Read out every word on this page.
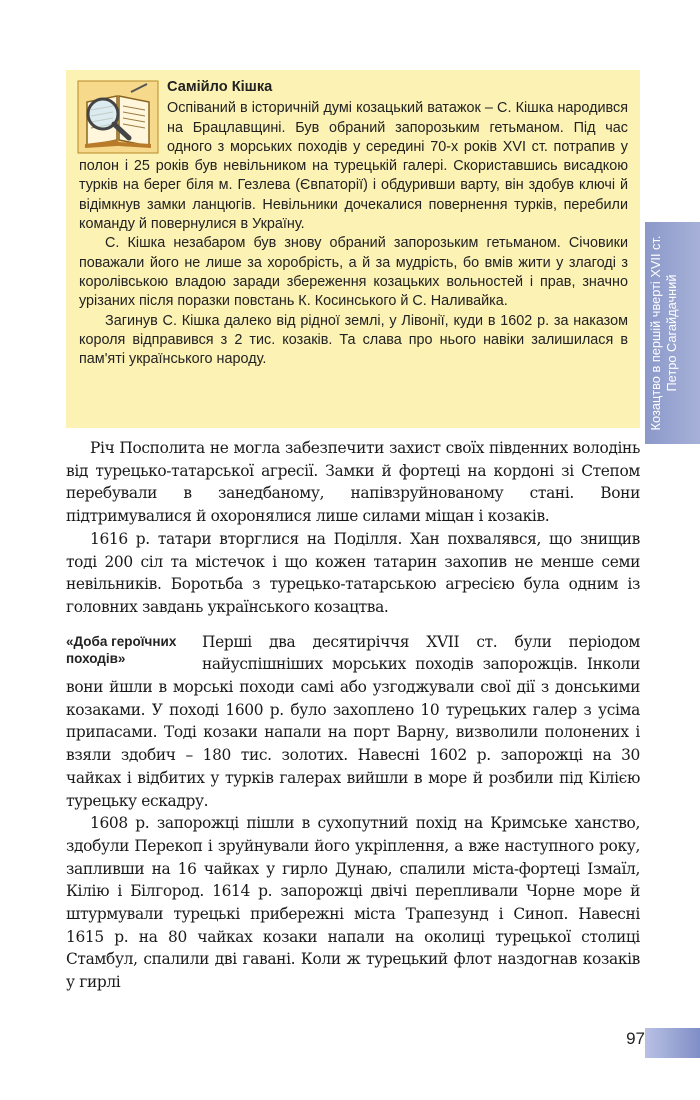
Самійло Кішка

Оспіваний в історичній думі козацький ватажок – С. Кішка народився на Брацлавщині. Був обраний запорозьким гетьманом. Під час одного з морських походів у середині 70-х років XVI ст. потрапив у полон і 25 років був невільником на турецькій галері. Скориставшись висадкою турків на берег біля м. Гезлева (Євпаторії) і обдуривши варту, він здобув ключі й відімкнув замки ланцюгів. Невільники дочекалися повернення турків, перебили команду й повернулися в Україну.

С. Кішка незабаром був знову обраний запорозьким гетьманом. Січовики поважали його не лише за хоробрість, а й за мудрість, бо вмів жити у злагоді з королівською владою заради збереження козацьких вольностей і прав, значно урізаних після поразки повстань К. Косинського й С. Наливайка.

Загинув С. Кішка далеко від рідної землі, у Лівонії, куди в 1602 р. за наказом короля відправився з 2 тис. козаків. Та слава про нього навіки залишилася в пам'яті українського народу.	Козацтво в першій чверті XVII ст. Петро Сагайдачний

Річ Посполита не могла забезпечити захист своїх південних володінь від турецько-татарської агресії. Замки й фортеці на кордоні зі Степом перебували в занедбаному, напівзруйнованому стані. Вони підтримувалися й охоронялися лише силами міщан і козаків.

1616 р. татари вторглися на Поділля. Хан похвалявся, що знищив тоді 200 сіл та містечок і що кожен татарин захопив не менше семи невільників. Боротьба з турецько-татарською агресією була одним із головних завдань українського козацтва.

«Доба героїчних походів»

Перші два десятиріччя XVII ст. були періодом найуспішніших морських походів запорожців. Інколи вони йшли в морські походи самі або узгоджували свої дії з донськими козаками. У поході 1600 р. було захоплено 10 турецьких галер з усіма припасами. Тоді козаки напали на порт Варну, визволили полонених і взяли здобич – 180 тис. золотих. Навесні 1602 р. запорожці на 30 чайках і відбитих у турків галерах вийшли в море й розбили під Кілією турецьку ескадру.

1608 р. запорожці пішли в сухопутний похід на Кримське ханство, здобули Перекоп і зруйнували його укріплення, а вже наступного року, запливши на 16 чайках у гирло Дунаю, спалили міста-фортеці Ізмаїл, Кілію і Білгород. 1614 р. запорожці двічі перепливали Чорне море й штурмували турецькі прибережні міста Трапезунд і Синоп. Навесні 1615 р. на 80 чайках козаки напали на околиці турецької столиці Стамбул, спалили дві гавані. Коли ж турецький флот наздогнав козаків у гирлі

97
